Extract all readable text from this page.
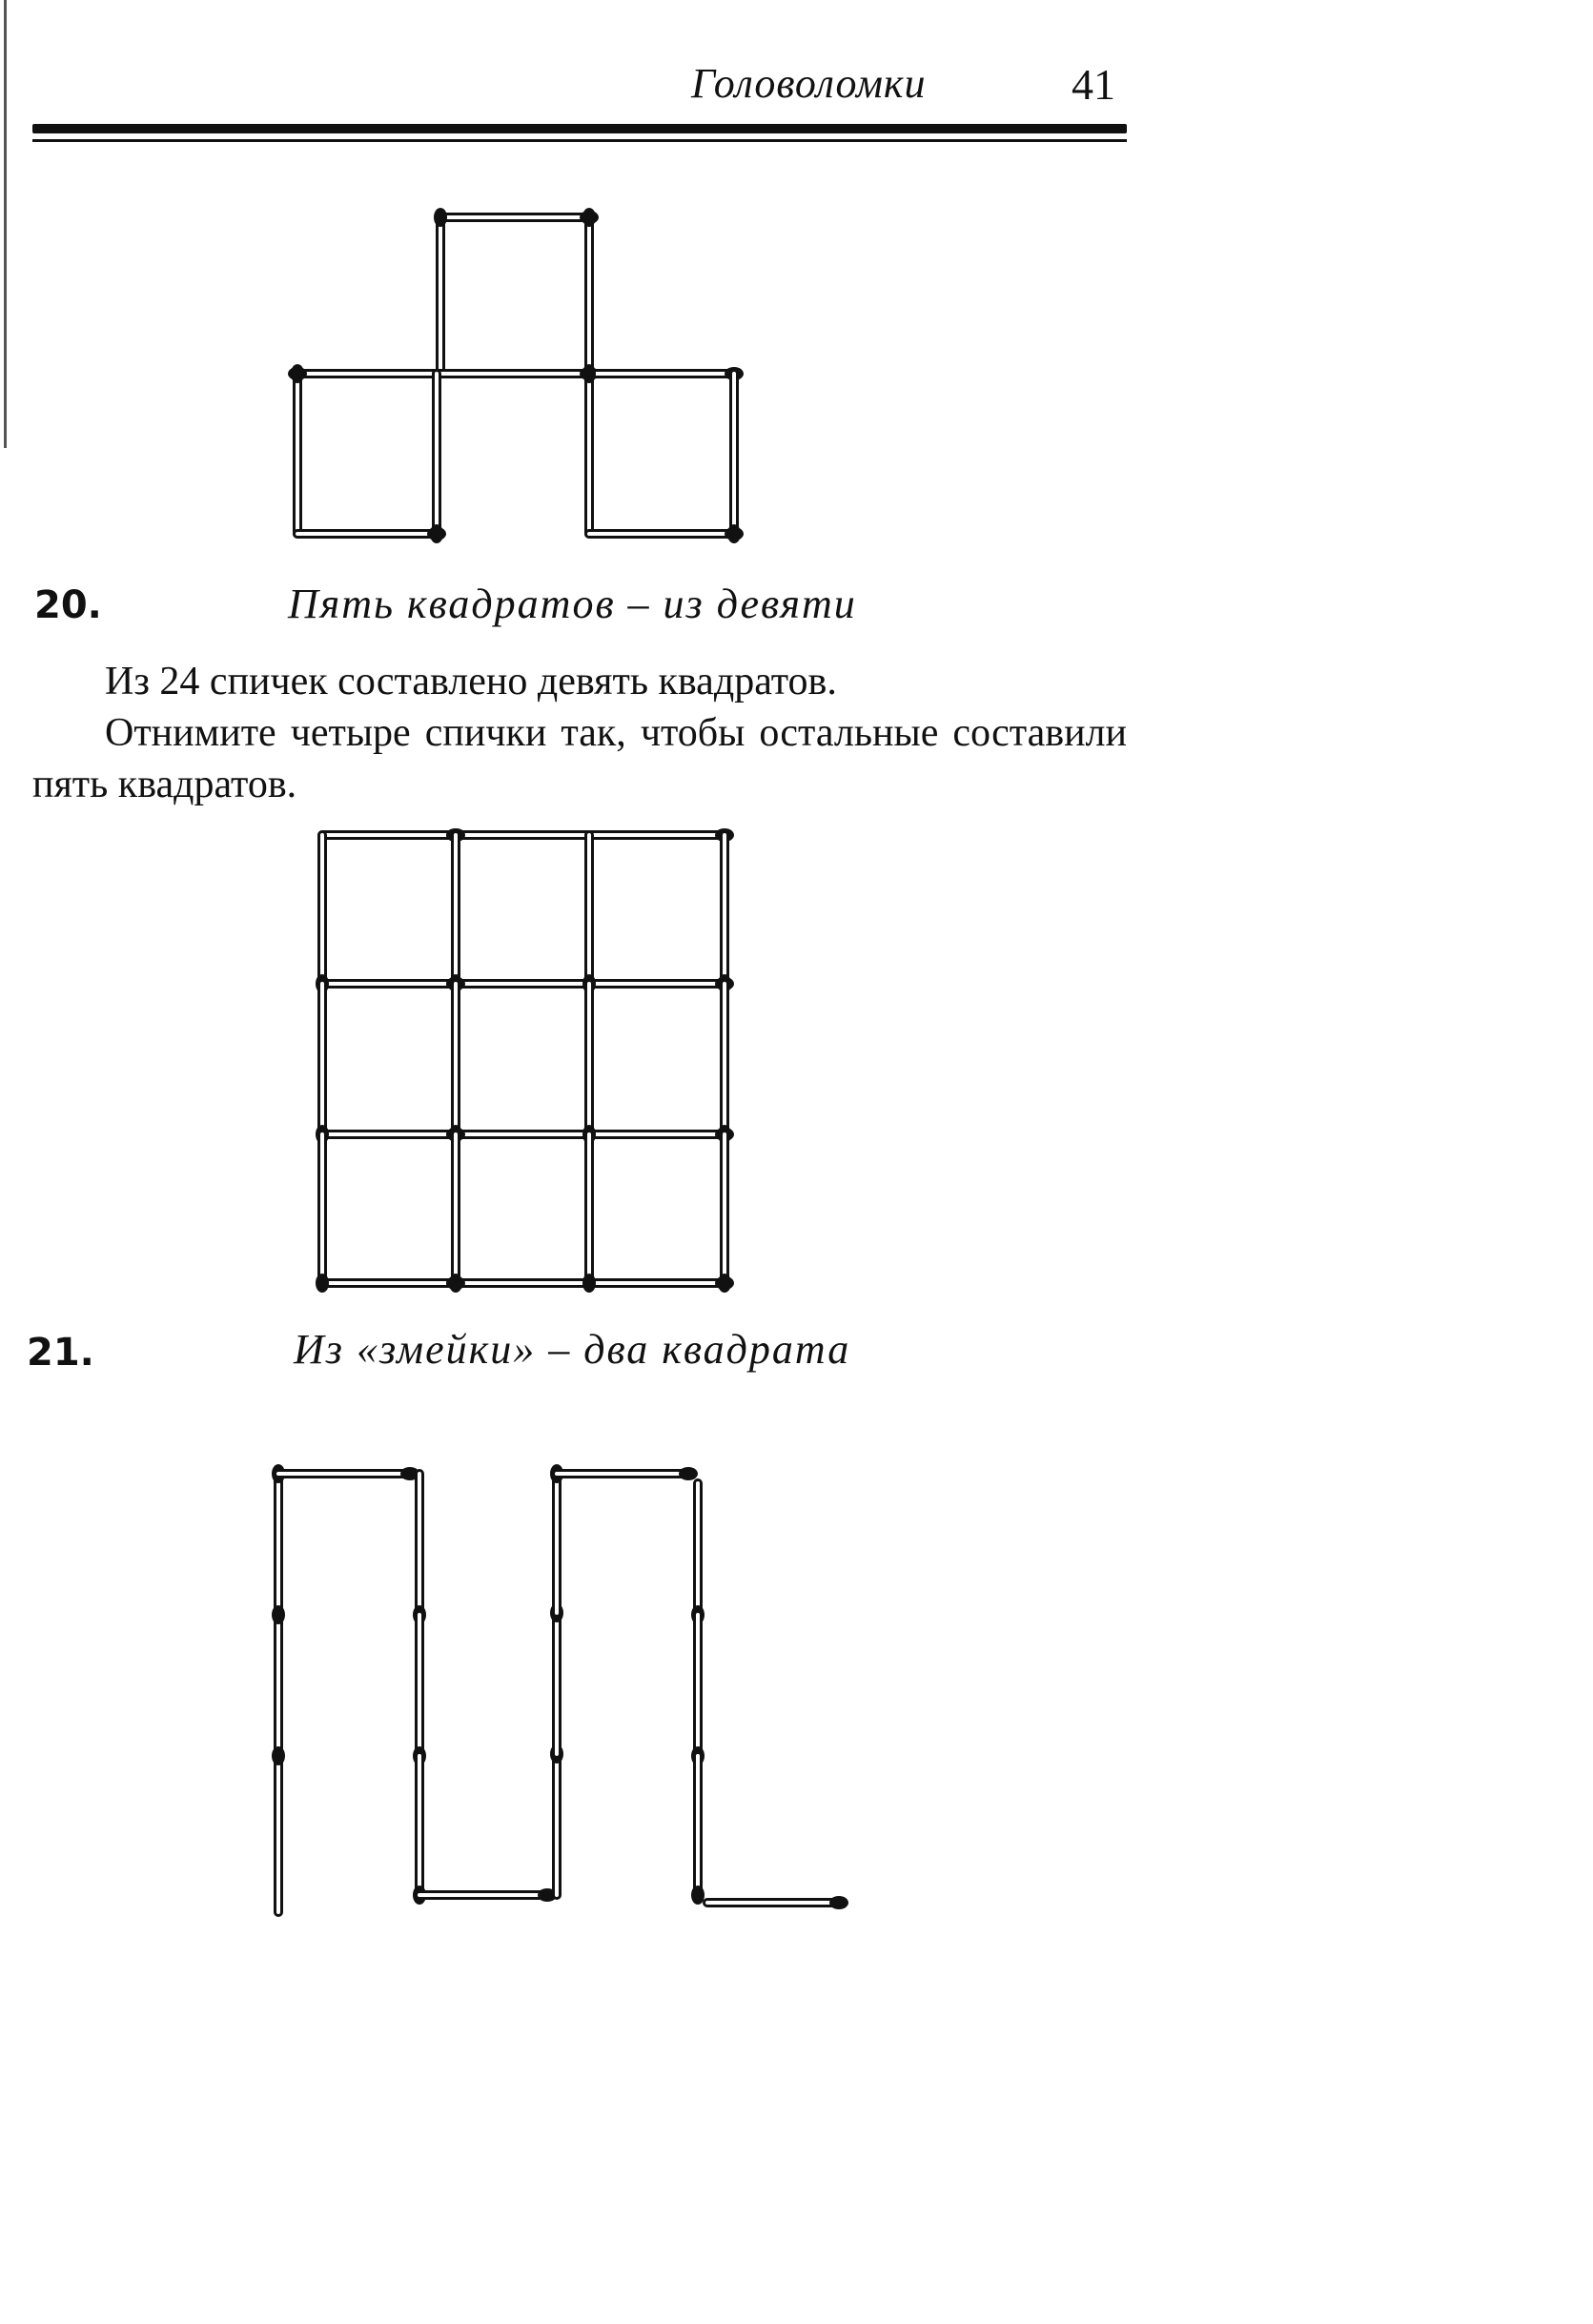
Головоломки	41
20.	Пять квадратов – из девяти
Из 24 спичек составлено девять квадратов.
Отнимите четыре спички так, чтобы остальные составили пять квадратов.
21.	Из «змейки» – два квадрата
